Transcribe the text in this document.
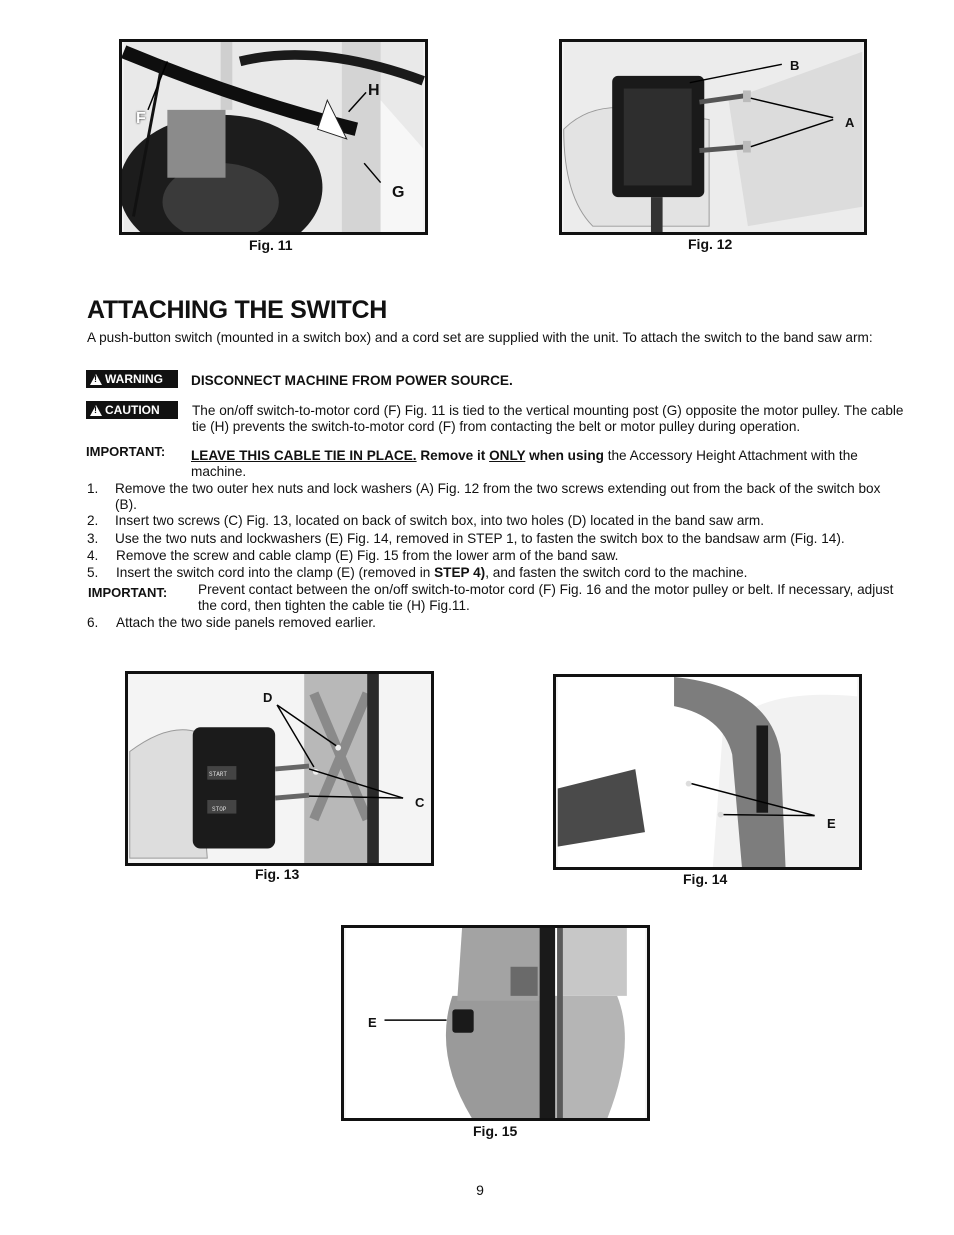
F
H
G
Fig. 11
B
A
Fig. 12
ATTACHING THE SWITCH
A push-button switch (mounted in a switch box) and a cord set are supplied with the unit. To attach the switch to the band saw arm:
!
WARNING DISCONNECT MACHINE FROM POWER SOURCE.
!
CAUTION The on/off switch-to-motor cord (F) Fig. 11 is tied to the vertical mounting post (G) opposite the motor pulley. The cable tie (H) prevents the switch-to-motor cord (F) from contacting the belt or motor pulley during operation.
IMPORTANT: LEAVE THIS CABLE TIE IN PLACE. Remove it ONLY when using the Accessory Height Attachment with the machine.
1. Remove the two outer hex nuts and lock washers (A) Fig. 12 from the two screws extending out from the back of the switch box (B).
2. Insert two screws (C) Fig. 13, located on back of switch box, into two holes (D) located in the band saw arm.
3. Use the two nuts and lockwashers (E) Fig. 14, removed in STEP 1, to fasten the switch box to the bandsaw arm (Fig. 14).
4. Remove the screw and cable clamp (E) Fig. 15 from the lower arm of the band saw.
5. Insert the switch cord into the clamp (E) (removed in STEP 4), and fasten the switch cord to the machine.
IMPORTANT: Prevent contact between the on/off switch-to-motor cord (F) Fig. 16 and the motor pulley or belt. If necessary, adjust the cord, then tighten the cable tie (H) Fig.11.
6. Attach the two side panels removed earlier.
START
STOP
D
C
Fig. 13
E
Fig. 14
E
Fig. 15
9
